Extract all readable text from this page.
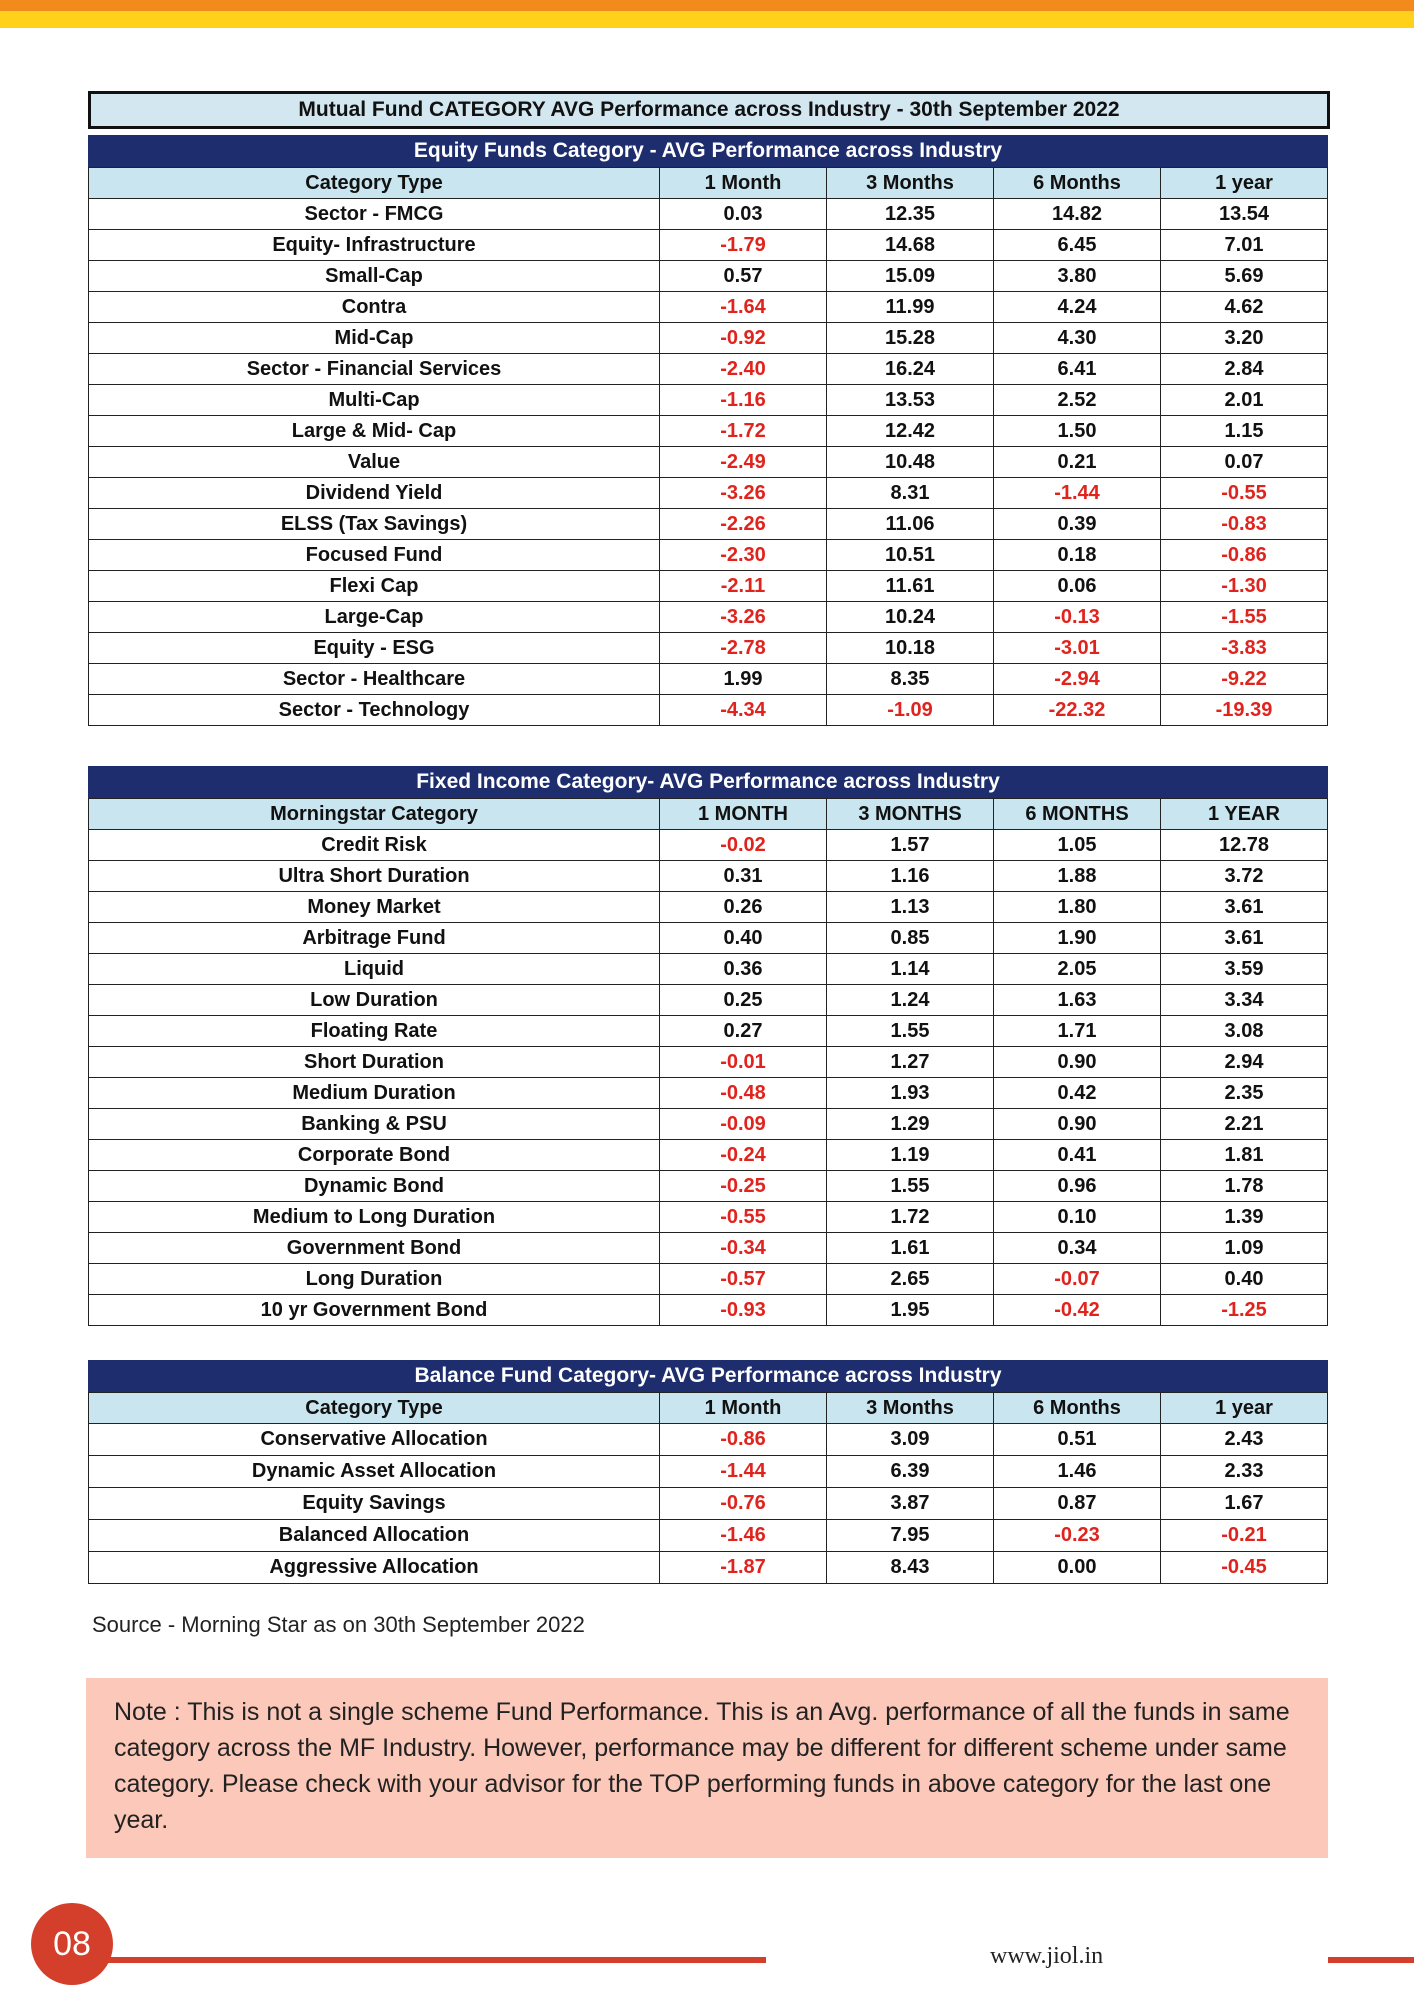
Mutual Fund CATEGORY AVG Performance across Industry - 30th September 2022
Equity Funds Category - AVG Performance across Industry
Category Type	1 Month	3 Months	6 Months	1 year
Sector - FMCG	0.03	12.35	14.82	13.54
Equity- Infrastructure	-1.79	14.68	6.45	7.01
Small-Cap	0.57	15.09	3.80	5.69
Contra	-1.64	11.99	4.24	4.62
Mid-Cap	-0.92	15.28	4.30	3.20
Sector - Financial Services	-2.40	16.24	6.41	2.84
Multi-Cap	-1.16	13.53	2.52	2.01
Large & Mid- Cap	-1.72	12.42	1.50	1.15
Value	-2.49	10.48	0.21	0.07
Dividend Yield	-3.26	8.31	-1.44	-0.55
ELSS (Tax Savings)	-2.26	11.06	0.39	-0.83
Focused Fund	-2.30	10.51	0.18	-0.86
Flexi Cap	-2.11	11.61	0.06	-1.30
Large-Cap	-3.26	10.24	-0.13	-1.55
Equity - ESG	-2.78	10.18	-3.01	-3.83
Sector - Healthcare	1.99	8.35	-2.94	-9.22
Sector - Technology	-4.34	-1.09	-22.32	-19.39
Fixed Income Category- AVG Performance across Industry
Morningstar Category	1 MONTH	3 MONTHS	6 MONTHS	1 YEAR
Credit Risk	-0.02	1.57	1.05	12.78
Ultra Short Duration	0.31	1.16	1.88	3.72
Money Market	0.26	1.13	1.80	3.61
Arbitrage Fund	0.40	0.85	1.90	3.61
Liquid	0.36	1.14	2.05	3.59
Low Duration	0.25	1.24	1.63	3.34
Floating Rate	0.27	1.55	1.71	3.08
Short Duration	-0.01	1.27	0.90	2.94
Medium Duration	-0.48	1.93	0.42	2.35
Banking & PSU	-0.09	1.29	0.90	2.21
Corporate Bond	-0.24	1.19	0.41	1.81
Dynamic Bond	-0.25	1.55	0.96	1.78
Medium to Long Duration	-0.55	1.72	0.10	1.39
Government Bond	-0.34	1.61	0.34	1.09
Long Duration	-0.57	2.65	-0.07	0.40
10 yr Government Bond	-0.93	1.95	-0.42	-1.25
Balance Fund Category- AVG Performance across Industry
Category Type	1 Month	3 Months	6 Months	1 year
Conservative Allocation	-0.86	3.09	0.51	2.43
Dynamic Asset Allocation	-1.44	6.39	1.46	2.33
Equity Savings	-0.76	3.87	0.87	1.67
Balanced Allocation	-1.46	7.95	-0.23	-0.21
Aggressive Allocation	-1.87	8.43	0.00	-0.45
Source - Morning Star as on 30th September 2022
Note : This is not a single scheme Fund Performance. This is an Avg. performance of all the funds in same category across the MF Industry. However, performance may be different for different scheme under same category. Please check with your advisor for the TOP performing funds in above category for the last one year.
08	www.jiol.in
